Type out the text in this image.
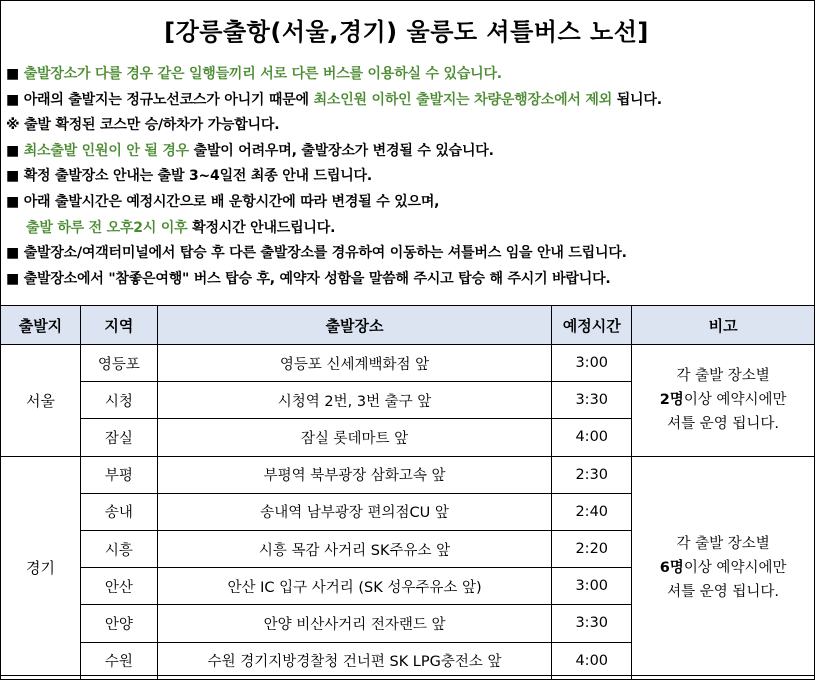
[강릉출항(서울,경기) 울릉도 셔틀버스 노선]
■ 출발장소가 다를 경우 같은 일행들끼리 서로 다른 버스를 이용하실 수 있습니다.
■ 아래의 출발지는 정규노선코스가 아니기 때문에 최소인원 이하인 출발지는 차량운행장소에서 제외 됩니다.
※ 출발 확정된 코스만 승/하차가 가능합니다.
■ 최소출발 인원이 안 될 경우 출발이 어려우며, 출발장소가 변경될 수 있습니다.
■ 확정 출발장소 안내는 출발 3~4일전 최종 안내 드립니다.
■ 아래 출발시간은 예정시간으로 배 운항시간에 따라 변경될 수 있으며,
출발 하루 전 오후2시 이후 확정시간 안내드립니다.
■ 출발장소/여객터미널에서 탑승 후 다른 출발장소를 경유하여 이동하는 셔틀버스 임을 안내 드립니다.
■ 출발장소에서 "참좋은여행" 버스 탑승 후, 예약자 성함을 말씀해 주시고 탑승 해 주시기 바랍니다.
출발지	지역	출발장소	예정시간	비고
서울	영등포	영등포 신세계백화점 앞	3:00	각 출발 장소별
2명이상 예약시에만
셔틀 운영 됩니다.
	시청	시청역 2번, 3번 출구 앞	3:30	
	잠실	잠실 롯데마트 앞	4:00	
경기	부평	부평역 북부광장 삼화고속 앞	2:30	각 출발 장소별
6명이상 예약시에만
셔틀 운영 됩니다.
	송내	송내역 남부광장 편의점CU 앞	2:40	
	시흥	시흥 목감 사거리 SK주유소 앞	2:20	
	안산	안산 IC 입구 사거리 (SK 성우주유소 앞)	3:00	
	안양	안양 비산사거리 전자랜드 앞	3:30	
	수원	수원 경기지방경찰청 건너편 SK LPG충전소 앞	4:00	
